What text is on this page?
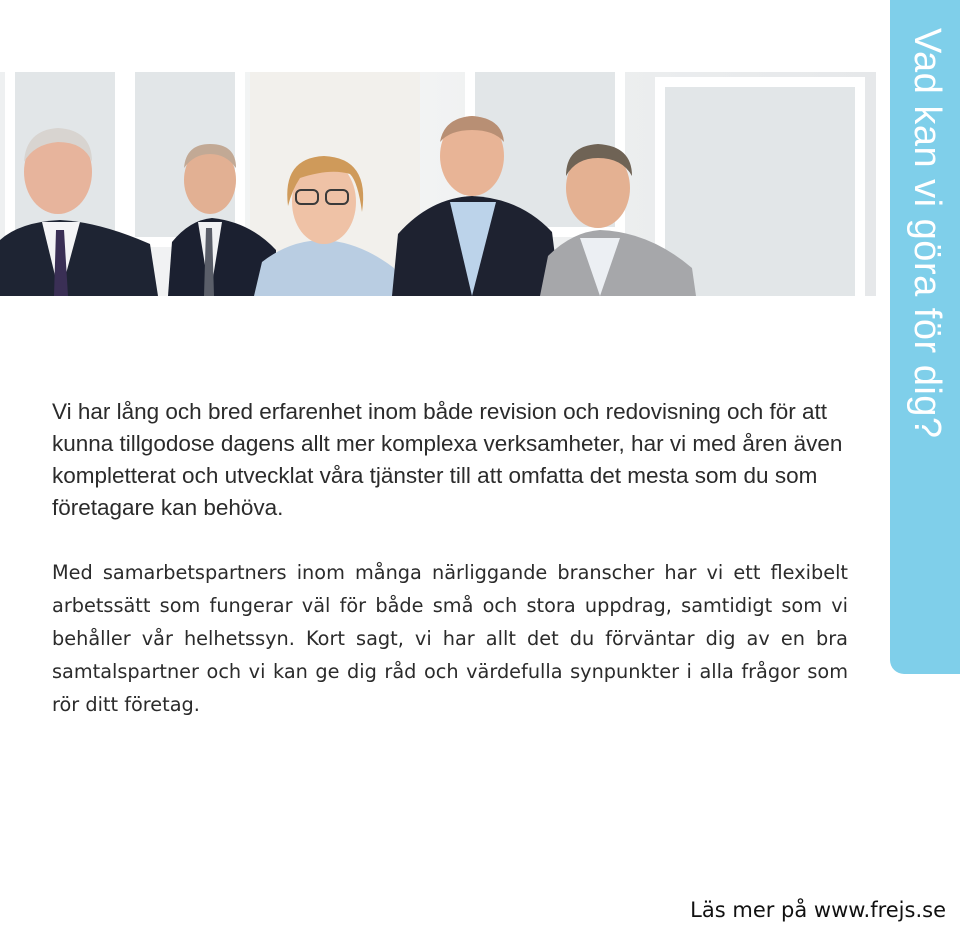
Vad kan vi göra för dig?

Vi har lång och bred erfarenhet inom både revision och redovisning och för att kunna tillgodose dagens allt mer komplexa verksamheter, har vi med åren även kompletterat och utvecklat våra tjänster till att omfatta det mesta som du som företagare kan behöva.

Med samarbetspartners inom många närliggande branscher har vi ett flexibelt arbetssätt som fungerar väl för både små och stora uppdrag, samtidigt som vi behåller vår helhetssyn. Kort sagt, vi har allt det du förväntar dig av en bra samtalspartner och vi kan ge dig råd och värdefulla synpunkter i alla frågor som rör ditt företag.

Läs mer på www.frejs.se
